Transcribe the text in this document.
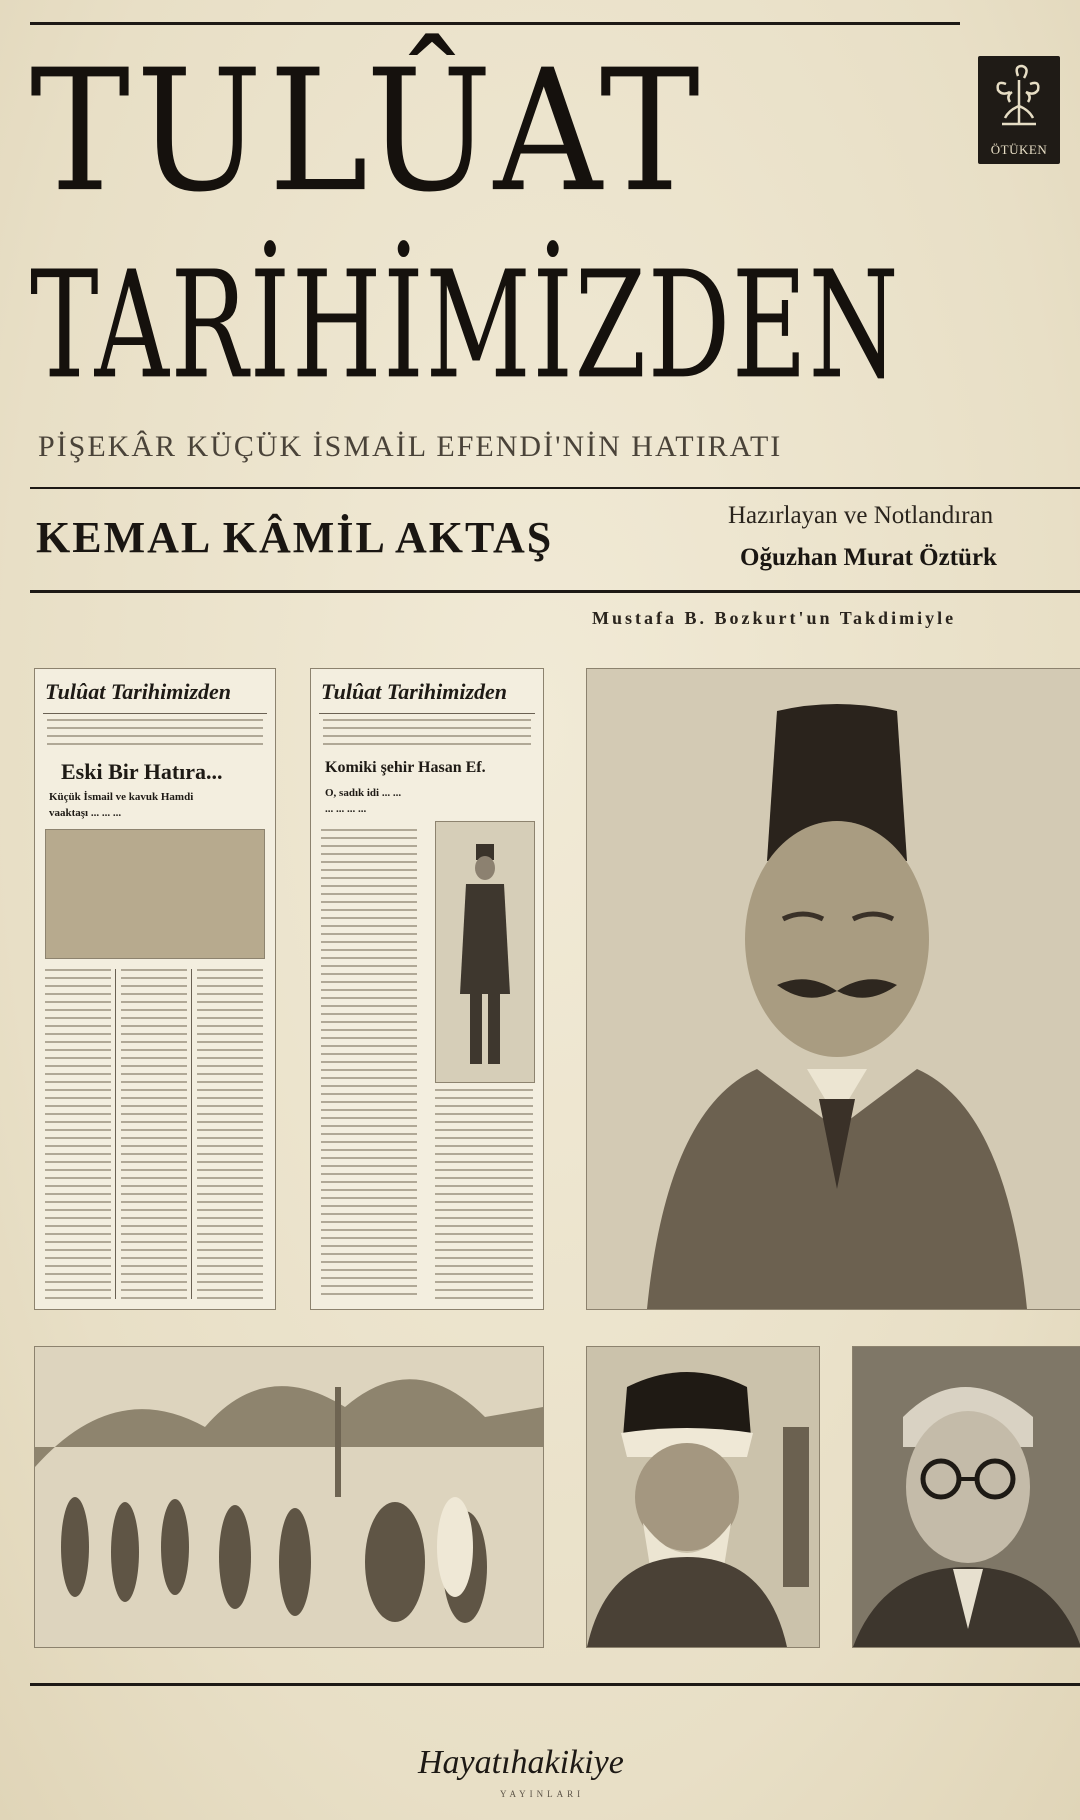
ÖTÜKEN
TULÛAT
TARİHİMİZDEN
PİŞEKÂR KÜÇÜK İSMAİL EFENDİ'NİN HATIRATI
KEMAL KÂMİL AKTAŞ	Hazırlayan ve Notlandıran
Oğuzhan Murat Öztürk
Mustafa B. Bozkurt'un Takdimiyle
Tulûat Tarihimizden
Eski Bir Hatıra...
Küçük İsmail ve kavuk Hamdi
vaaktaşı ... ... ...
Tulûat Tarihimizden
Komiki şehir Hasan Ef.
O, sadık idi ... ...
... ... ... ...
Hayatıhakikiye
YAYINLARI
